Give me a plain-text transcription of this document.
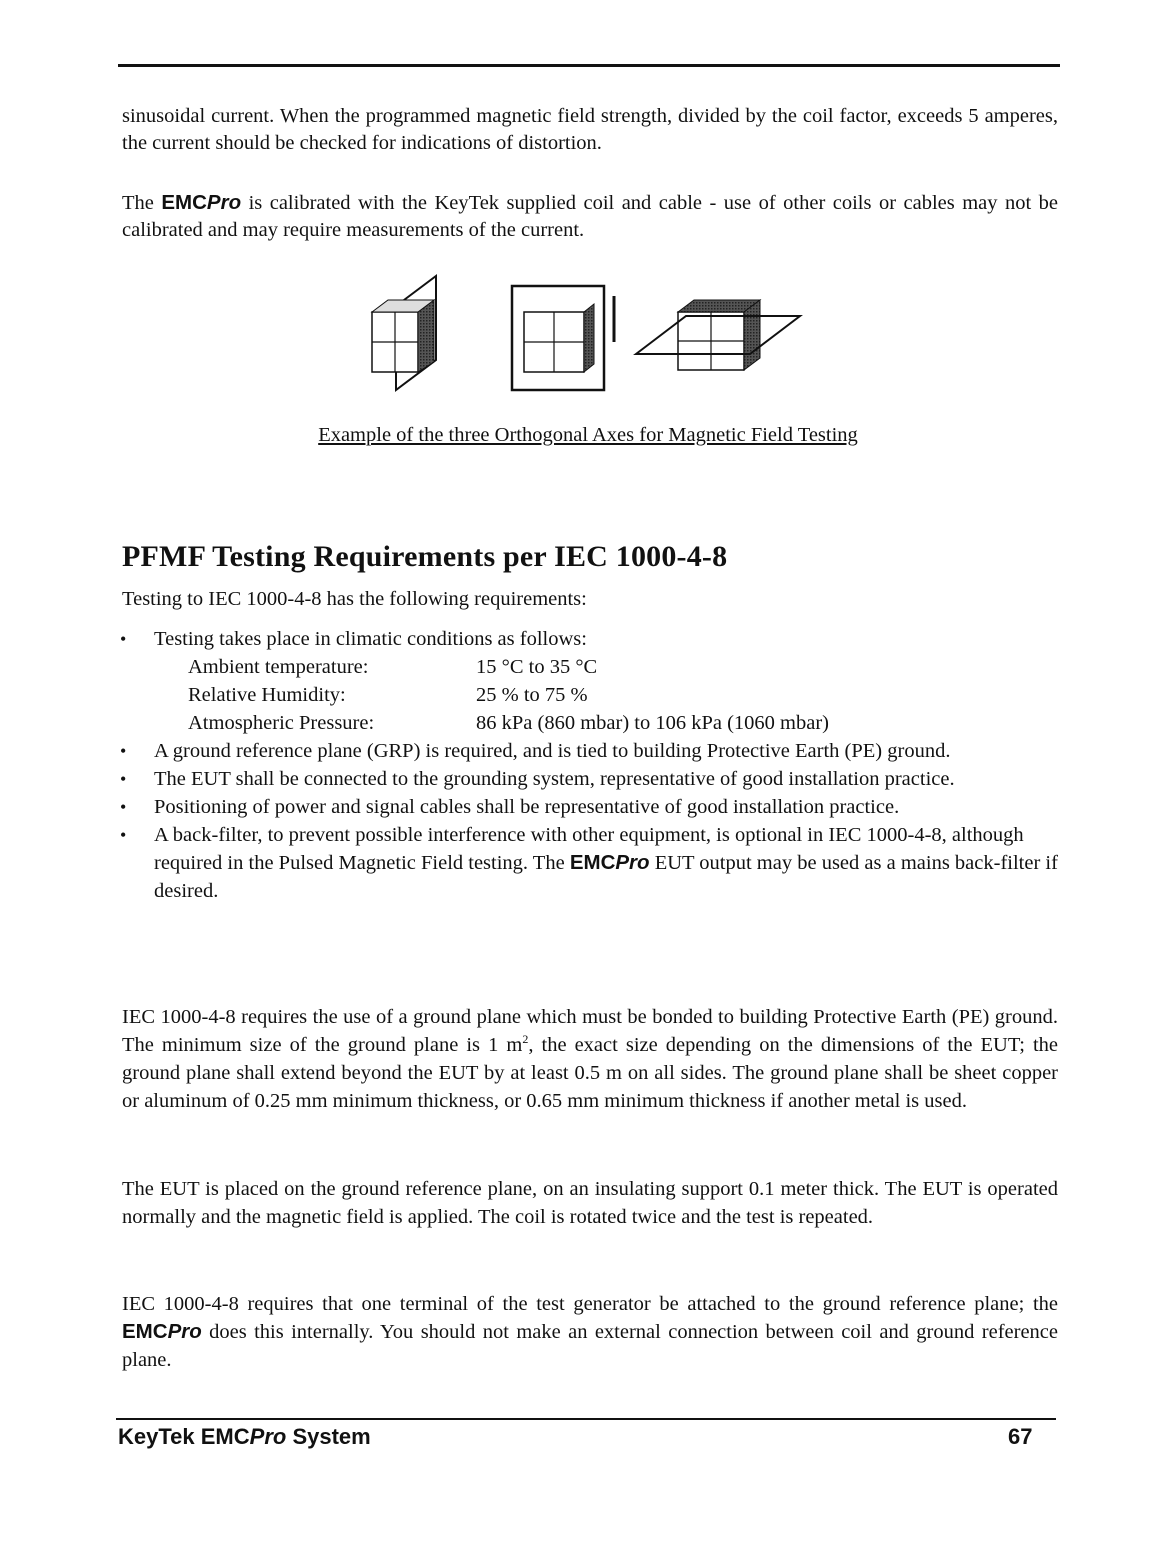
sinusoidal current. When the programmed magnetic field strength, divided by the coil factor, exceeds 5 amperes, the current should be checked for indications of distortion.

The EMCPro is calibrated with the KeyTek supplied coil and cable - use of other coils or cables may not be calibrated and may require measurements of the current.

Example of the three Orthogonal Axes for Magnetic Field Testing
PFMF Testing Requirements per IEC 1000-4-8

Testing to IEC 1000-4-8 has the following requirements:

• Testing takes place in climatic conditions as follows:
Ambient temperature:	15 °C to 35 °C
Relative Humidity:	25 % to 75 %
Atmospheric Pressure:	86 kPa (860 mbar) to 106 kPa (1060 mbar)
• A ground reference plane (GRP) is required, and is tied to building Protective Earth (PE) ground.
• The EUT shall be connected to the grounding system, representative of good installation practice.
• Positioning of power and signal cables shall be representative of good installation practice.
• A back-filter, to prevent possible interference with other equipment, is optional in IEC 1000-4-8, although required in the Pulsed Magnetic Field testing. The EMCPro EUT output may be used as a mains back-filter if desired.

IEC 1000-4-8 requires the use of a ground plane which must be bonded to building Protective Earth (PE) ground. The minimum size of the ground plane is 1 $m^2$, the exact size depending on the dimensions of the EUT; the ground plane shall extend beyond the EUT by at least 0.5 m on all sides. The ground plane shall be sheet copper or aluminum of 0.25 mm minimum thickness, or 0.65 mm minimum thickness if another metal is used.

The EUT is placed on the ground reference plane, on an insulating support 0.1 meter thick. The EUT is operated normally and the magnetic field is applied. The coil is rotated twice and the test is repeated.

IEC 1000-4-8 requires that one terminal of the test generator be attached to the ground reference plane; the EMCPro does this internally. You should not make an external connection between coil and ground reference plane.

KeyTek EMCPro System	67
